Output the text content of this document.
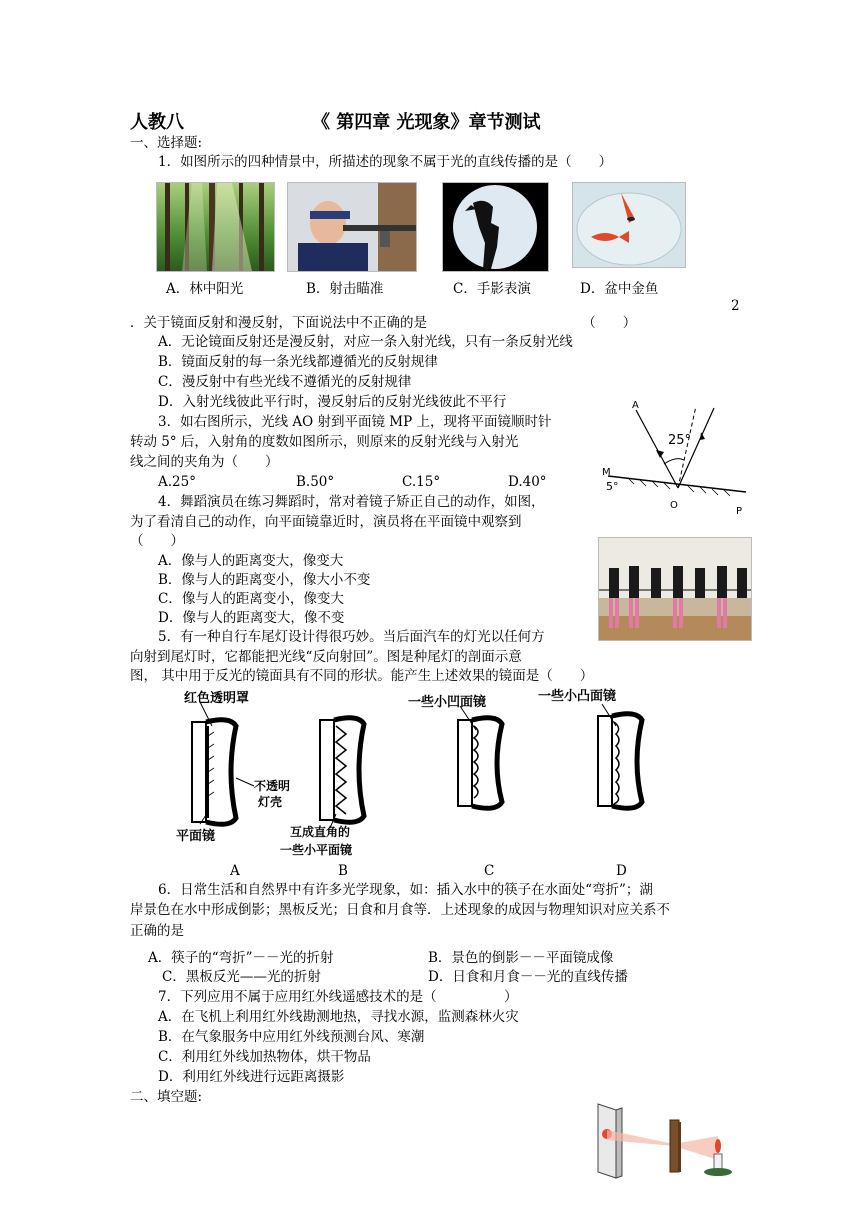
人教八	《 第四章 光现象》章节测试
一、选择题:
1．如图所示的四种情景中，所描述的现象不属于光的直线传播的是（　　）
A．林中阳光	B．射击瞄准	C．手影表演	D．盆中金鱼
2
．关于镜面反射和漫反射，下面说法中不正确的是　　　　　　　　　　　　（　　）
A．无论镜面反射还是漫反射，对应一条入射光线，只有一条反射光线
B．镜面反射的每一条光线都遵循光的反射规律
C．漫反射中有些光线不遵循光的反射规律
D．入射光线彼此平行时，漫反射后的反射光线彼此不平行
3．如右图所示，光线 AO 射到平面镜 MP 上，现将平面镜顺时针
转动 5° 后，入射角的度数如图所示，则原来的反射光线与入射光
线之间的夹角为（　　）
A.25°	B.50°	C.15°	D.40°
A
25°
M
5°
O
P
4．舞蹈演员在练习舞蹈时，常对着镜子矫正自己的动作，如图，
为了看清自己的动作，向平面镜靠近时，演员将在平面镜中观察到
（　　）
A．像与人的距离变大，像变大
B．像与人的距离变小，像大小不变
C．像与人的距离变小，像变大
D．像与人的距离变大，像不变
5．有一种自行车尾灯设计得很巧妙。当后面汽车的灯光以任何方
向射到尾灯时，它都能把光线“反向射回”。图是种尾灯的剖面示意
图， 其中用于反光的镜面具有不同的形状。能产生上述效果的镜面是（　　）
红色透明罩
不透明
灯壳
平面镜	互成直角的
一些小平面镜
一些小凹面镜	一些小凸面镜
A	B	C	D
6．日常生活和自然界中有许多光学现象，如：插入水中的筷子在水面处“弯折”；湖
岸景色在水中形成倒影；黑板反光；日食和月食等．上述现象的成因与物理知识对应关系不
正确的是
A．筷子的“弯折”－－光的折射	B．景色的倒影－－平面镜成像
C．黑板反光——光的折射	D．日食和月食－－光的直线传播
7．下列应用不属于应用红外线遥感技术的是（　　　　　）
A．在飞机上利用红外线勘测地热，寻找水源，监测森林火灾
B．在气象服务中应用红外线预测台风、寒潮
C．利用红外线加热物体，烘干物品
D．利用红外线进行远距离摄影
二、填空题:
